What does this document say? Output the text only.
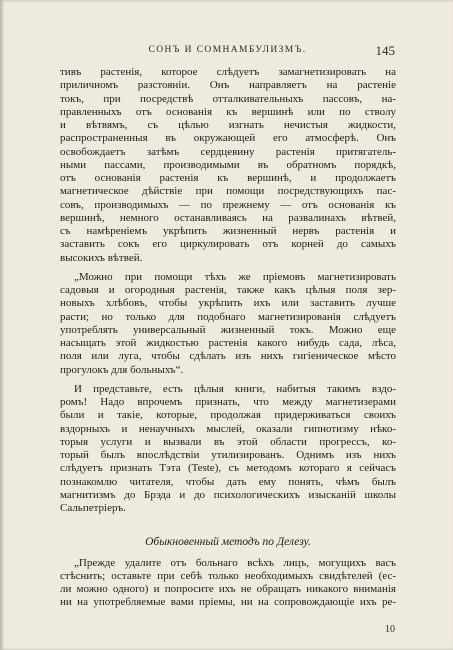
СОНЪ И СОМНАМБУЛИЗМЪ.	145
тивъ растенія, которое слѣдуетъ замагнетизировать на
приличномъ разстояніи. Онъ направляетъ на растеніе
токъ, при посредствѣ отталкивательныхъ пассовъ, на-
правленныхъ отъ основанія къ вершинѣ или по стволу
и вѣтвямъ, съ цѣлью изгнать нечистыя жидкости,
распространенныя въ окружающей его атмосферѣ. Онъ
освобождаетъ затѣмъ сердцевину растенія притягатель-
ными пассами, производимыми въ обратномъ порядкѣ,
отъ основанія растенія къ вершинѣ, и продолжаетъ
магнетическое дѣйствіе при помощи посредствующихъ пас-
совъ, производимыхъ — по прежнему — отъ основанія къ
вершинѣ, немного останавливаясь на развалинахъ вѣтвей,
съ намѣреніемъ укрѣпить жизненный нервъ растенія и
заставить сокъ его циркулировать отъ корней до самыхъ
высокихъ вѣтвей.
„Можно при помощи тѣхъ же пріемовъ магнетизировать
садовыя и огородныя растенія, также какъ цѣлыя поля зер-
новыхъ хлѣбовъ, чтобы укрѣпить ихъ или заставить лучше
расти; но только для подобнаго магнетизированія слѣдуетъ
употреблять универсальный жизненный токъ. Можно еще
насыщать этой жидкостью растенія какого нибудь сада, лѣса,
поля или луга, чтобы сдѣлать изъ нихъ гигіеническое мѣсто
прогулокъ для больныхъ“.
И представьте, есть цѣлыя книги, набитыя такимъ вздо-
ромъ! Надо впрочемъ признать, что между магнетизерами
были и такіе, которые, продолжая придерживаться своихъ
вздорныхъ и ненаучныхъ мыслей, оказали гипнотизму нѣко-
торыя услуги и вызвали въ этой области прогрессъ, ко-
торый былъ впослѣдствіи утилизированъ. Однимъ изъ нихъ
слѣдуетъ признать Тэта (Teste), съ методомъ котораго я сейчасъ
познакомлю читателя, чтобы дать ему понять, чѣмъ былъ
магнитизмъ до Брэда и до психологическихъ изысканій школы
Сальпетріеръ.
Обыкновенный методъ по Делезу.
„Прежде удалите отъ больнаго всѣхъ лицъ, могущихъ васъ
стѣснить; оставьте при себѣ только необходимыхъ свидѣтелей (ес-
ли можно одного) и попросите ихъ не обращать никакого вниманія
ни на употребляемые вами пріемы, ни на сопровождающіе ихъ ре-
10
